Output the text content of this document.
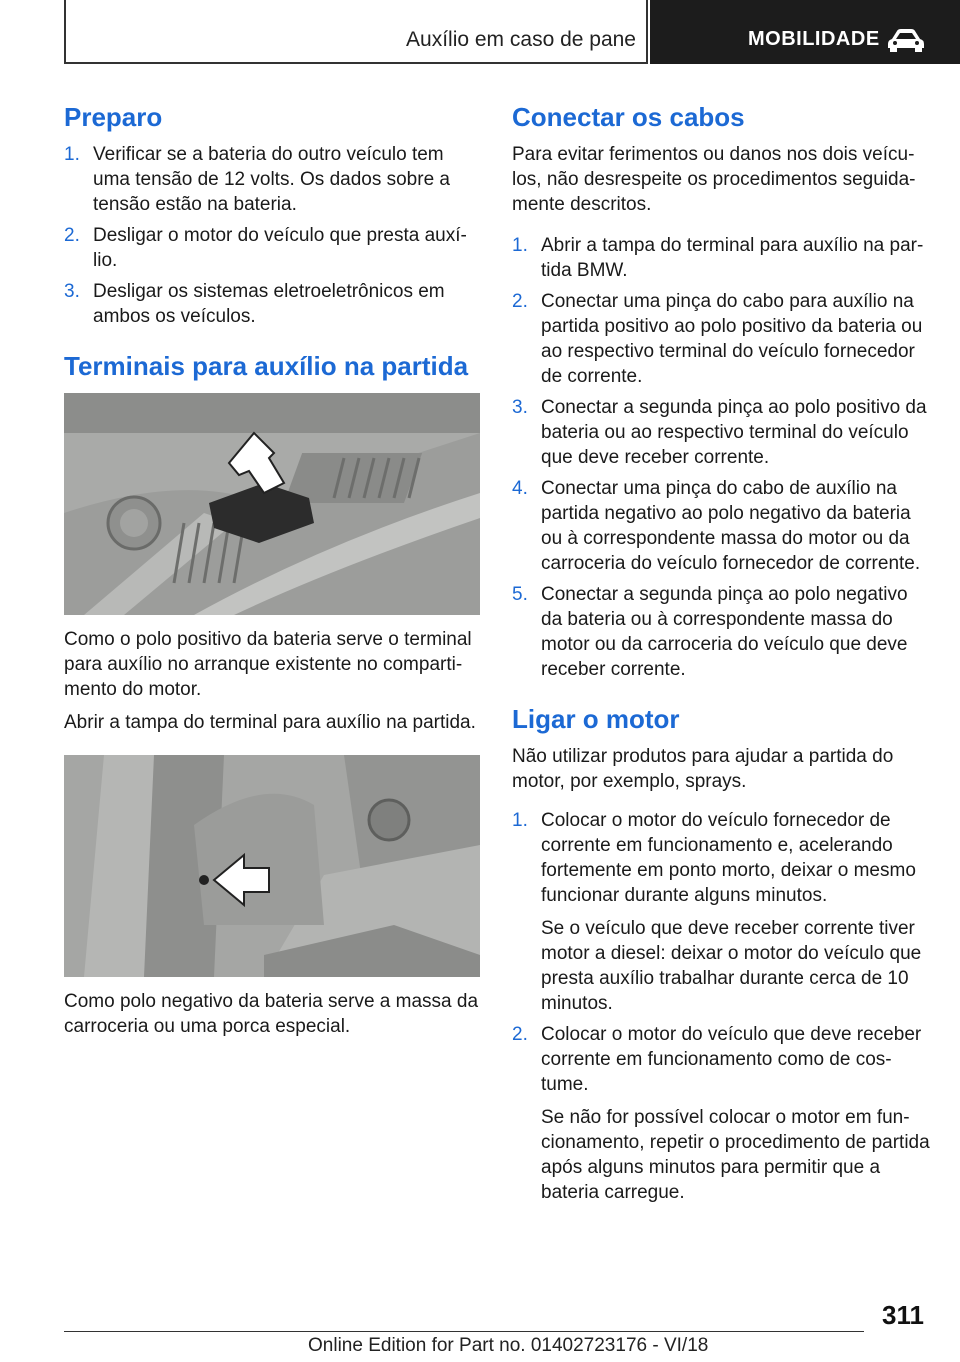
Auxílio em caso de pane	MOBILIDADE
Preparo
1. Verificar se a bateria do outro veículo tem uma tensão de 12 volts. Os dados sobre a tensão estão na bateria.
2. Desligar o motor do veículo que presta auxílio.
3. Desligar os sistemas eletroeletrônicos em ambos os veículos.
Terminais para auxílio na partida

Como o polo positivo da bateria serve o terminal para auxílio no arranque existente no compartimento do motor.

Abrir a tampa do terminal para auxílio na partida.

Como polo negativo da bateria serve a massa da carroceria ou uma porca especial.

Conectar os cabos

Para evitar ferimentos ou danos nos dois veículos, não desrespeite os procedimentos seguidamente descritos.

1. Abrir a tampa do terminal para auxílio na partida BMW.
2. Conectar uma pinça do cabo para auxílio na partida positivo ao polo positivo da bateria ou ao respectivo terminal do veículo fornecedor de corrente.
3. Conectar a segunda pinça ao polo positivo da bateria ou ao respectivo terminal do veículo que deve receber corrente.
4. Conectar uma pinça do cabo de auxílio na partida negativo ao polo negativo da bateria ou à correspondente massa do motor ou da carroceria do veículo fornecedor de corrente.
5. Conectar a segunda pinça ao polo negativo da bateria ou à correspondente massa do motor ou da carroceria do veículo que deve receber corrente.
Ligar o motor

Não utilizar produtos para ajudar a partida do motor, por exemplo, sprays.

1. Colocar o motor do veículo fornecedor de corrente em funcionamento e, acelerando fortemente em ponto morto, deixar o mesmo funcionar durante alguns minutos.
Se o veículo que deve receber corrente tiver motor a diesel: deixar o motor do veículo que presta auxílio trabalhar durante cerca de 10 minutos.
2. Colocar o motor do veículo que deve receber corrente em funcionamento como de costume.
Se não for possível colocar o motor em funcionamento, repetir o procedimento de partida após alguns minutos para permitir que a bateria carregue.
311
Online Edition for Part no. 01402723176 - VI/18
